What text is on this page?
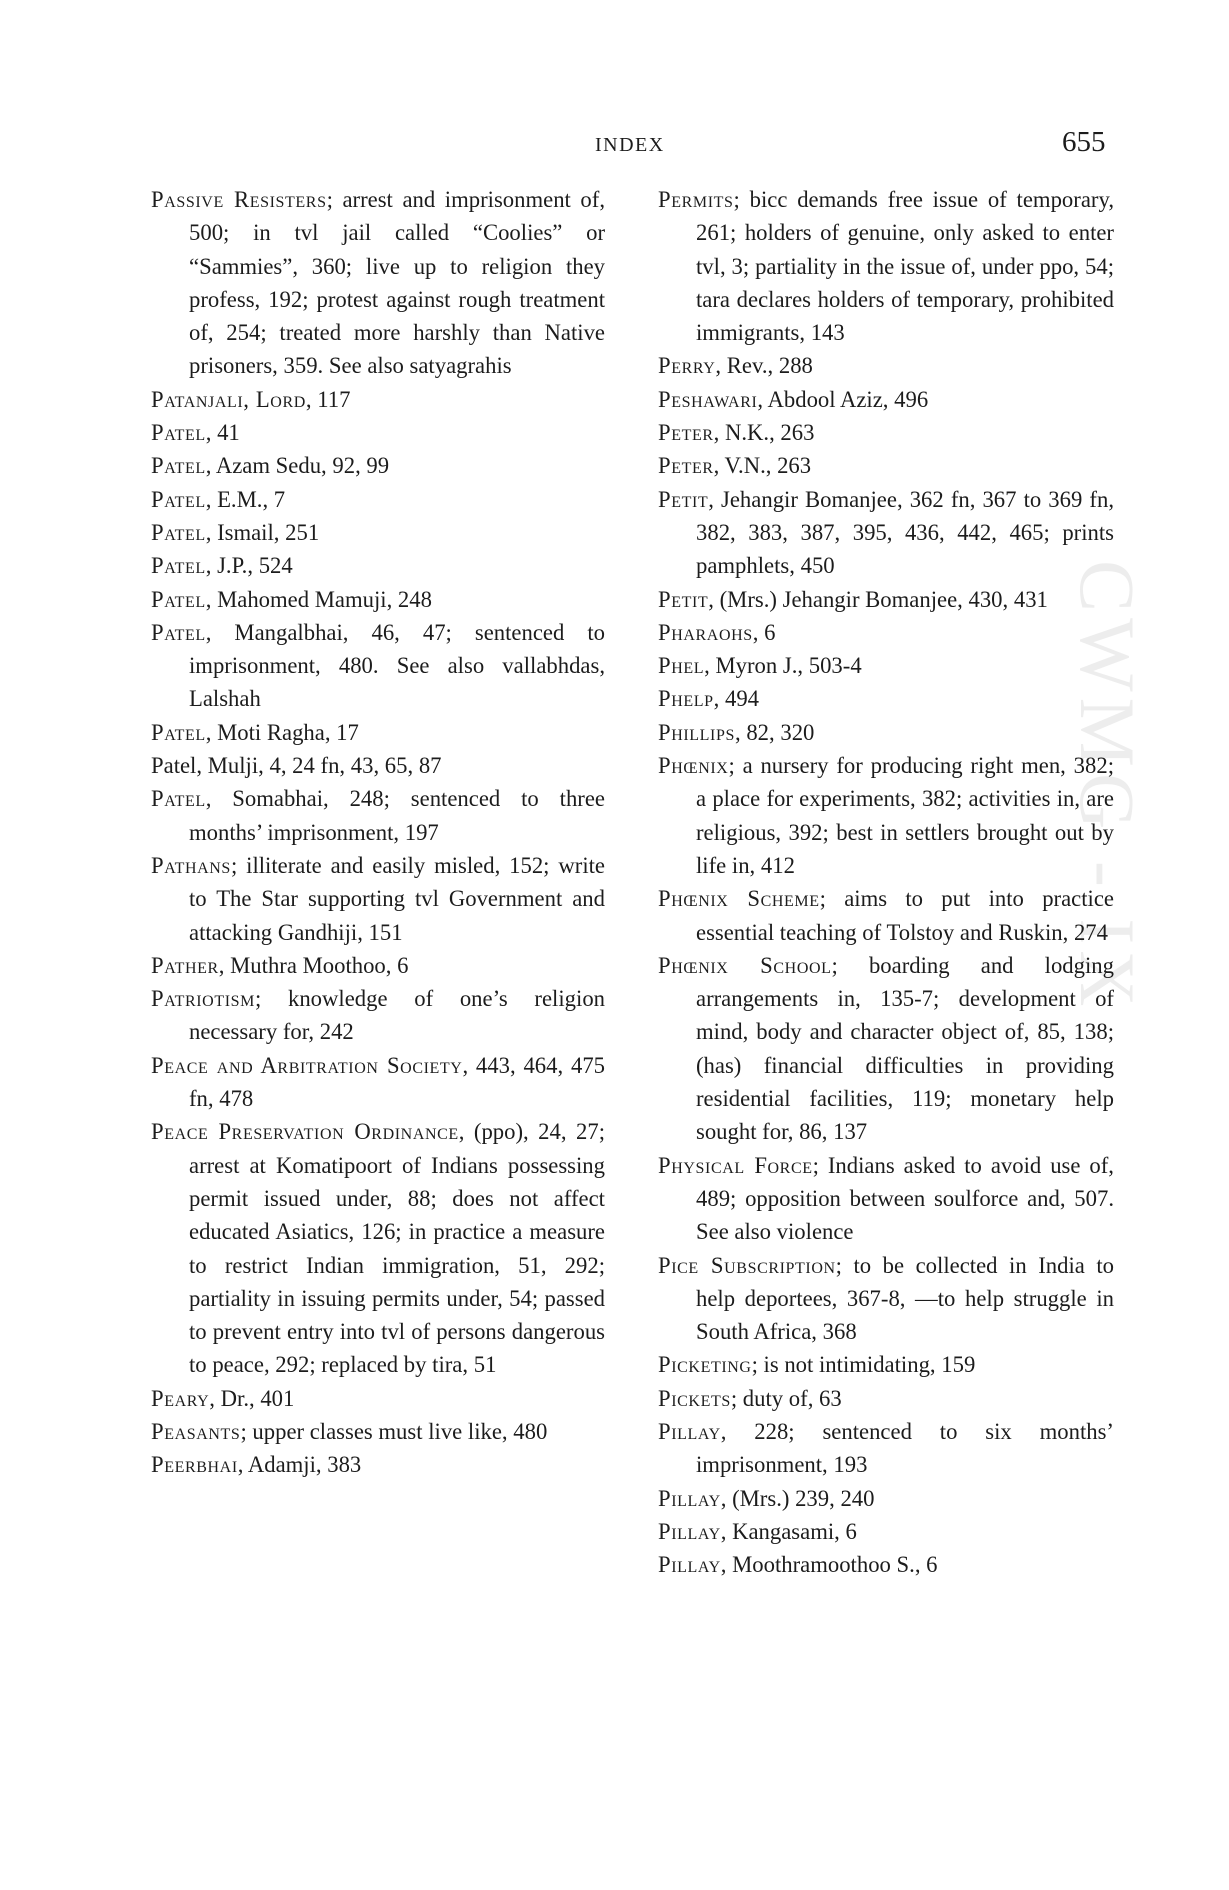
INDEX	655
CWMG - IX

Passive Resisters; arrest and imprisonment of, 500; in tvl jail called “Coolies” or “Sammies”, 360; live up to religion they profess, 192; protest against rough treatment of, 254; treated more harshly than Native prisoners, 359. See also satyagrahis

Patanjali, Lord, 117

Patel, 41

Patel, Azam Sedu, 92, 99

Patel, E.M., 7

Patel, Ismail, 251

Patel, J.P., 524

Patel, Mahomed Mamuji, 248

Patel, Mangalbhai, 46, 47; sentenced to imprisonment, 480. See also vallabhdas, Lalshah

Patel, Moti Ragha, 17

Patel, Mulji, 4, 24 fn, 43, 65, 87

Patel, Somabhai, 248; sentenced to three months’ imprisonment, 197

Pathans; illiterate and easily misled, 152; write to The Star supporting tvl Government and attacking Gandhiji, 151

Pather, Muthra Moothoo, 6

Patriotism; knowledge of one’s religion necessary for, 242

Peace and Arbitration Society, 443, 464, 475 fn, 478

Peace Preservation Ordinance, (ppo), 24, 27; arrest at Komatipoort of Indians possessing permit issued under, 88; does not affect educated Asiatics, 126; in practice a measure to restrict Indian immigration, 51, 292; partiality in issuing permits under, 54; passed to prevent entry into tvl of persons dangerous to peace, 292; replaced by tira, 51

Peary, Dr., 401

Peasants; upper classes must live like, 480

Peerbhai, Adamji, 383

Permits; bicc demands free issue of temporary, 261; holders of genuine, only asked to enter tvl, 3; partiality in the issue of, under ppo, 54; tara declares holders of temporary, prohibited immigrants, 143

Perry, Rev., 288

Peshawari, Abdool Aziz, 496

Peter, N.K., 263

Peter, V.N., 263

Petit, Jehangir Bomanjee, 362 fn, 367 to 369 fn, 382, 383, 387, 395, 436, 442, 465; prints pamphlets, 450

Petit, (Mrs.) Jehangir Bomanjee, 430, 431

Pharaohs, 6

Phel, Myron J., 503-4

Phelp, 494

Phillips, 82, 320

Phœnix; a nursery for producing right men, 382; a place for experiments, 382; activities in, are religious, 392; best in settlers brought out by life in, 412

Phœnix Scheme; aims to put into practice essential teaching of Tolstoy and Ruskin, 274

Phœnix School; boarding and lodging arrangements in, 135-7; development of mind, body and character object of, 85, 138; (has) financial difficulties in providing residential facilities, 119; monetary help sought for, 86, 137

Physical Force; Indians asked to avoid use of, 489; opposition between soulforce and, 507. See also violence

Pice Subscription; to be collected in India to help deportees, 367-8, —to help struggle in South Africa, 368

Picketing; is not intimidating, 159

Pickets; duty of, 63

Pillay, 228; sentenced to six months’ imprisonment, 193

Pillay, (Mrs.) 239, 240

Pillay, Kangasami, 6

Pillay, Moothramoothoo S., 6
